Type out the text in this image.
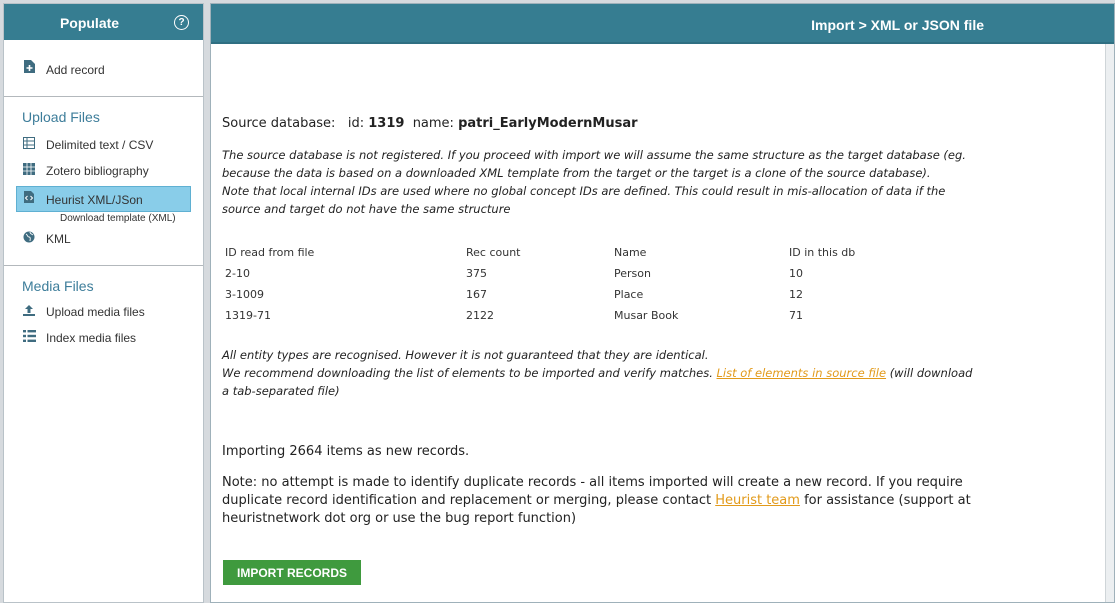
Populate	?
Add record
Upload Files
Delimited text / CSV
Zotero bibliography
Heurist XML/JSon
Download template (XML)
KML
Media Files
Upload media files
Index media files
Import > XML or JSON file
Source database: id: 1319 name: patri_EarlyModernMusar
The source database is not registered. If you proceed with import we will assume the same structure as the target database (eg. because the data is based on a downloaded XML template from the target or the target is a clone of the source database).
Note that local internal IDs are used where no global concept IDs are defined. This could result in mis-allocation of data if the source and target do not have the same structure
ID read from file	Rec count	Name	ID in this db
2-10	375	Person	10
3-1009	167	Place	12
1319-71	2122	Musar Book	71
All entity types are recognised. However it is not guaranteed that they are identical.
We recommend downloading the list of elements to be imported and verify matches. List of elements in source file (will download a tab-separated file)
Importing 2664 items as new records.
Note: no attempt is made to identify duplicate records - all items imported will create a new record. If you require duplicate record identification and replacement or merging, please contact Heurist team for assistance (support at heuristnetwork dot org or use the bug report function)
IMPORT RECORDS
